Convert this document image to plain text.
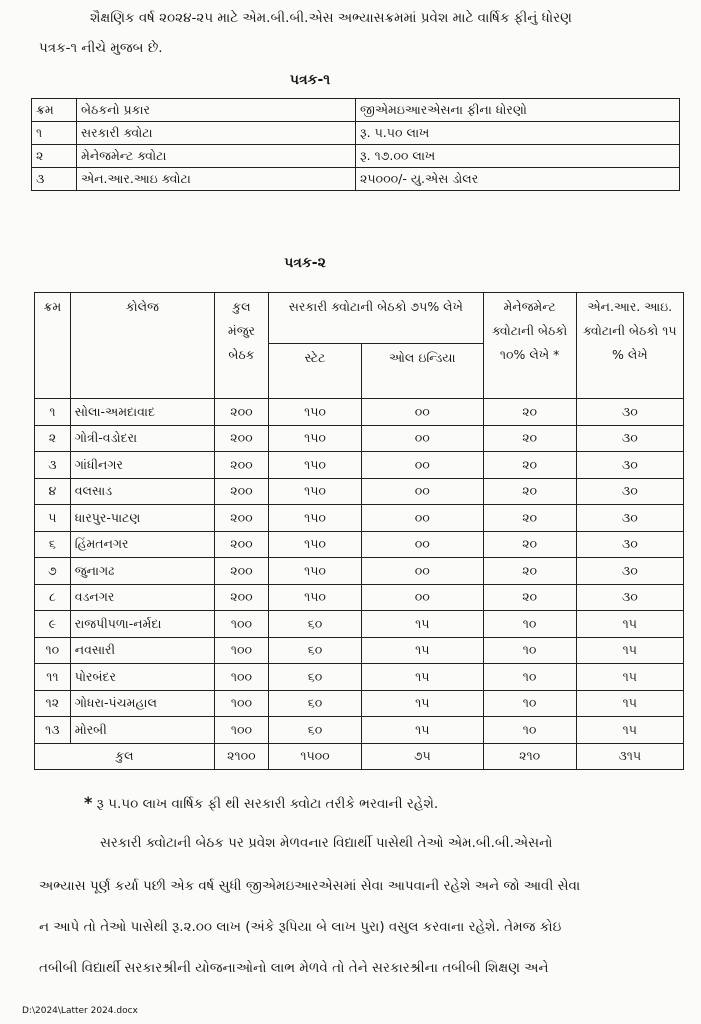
શૈક્ષણિક વર્ષ ૨૦૨૪-૨૫ માટે એમ.બી.બી.એસ અભ્યાસક્રમમાં પ્રવેશ માટે વાર્ષિક ફીનું ધોરણ
પત્રક-૧ નીચે મુજબ છે.
પત્રક-૧
ક્રમ	બેઠકનો પ્રકાર	જીએમઇઆરએસના ફીના ધોરણો
૧	સરકારી ક્વોટા	રૂ. ૫.૫૦ લાખ
૨	મેનેજમેન્ટ ક્વોટા	રૂ. ૧૭.૦૦ લાખ
૩	એન.આર.આઇ ક્વોટા	૨૫૦૦૦/- યુ.એસ ડોલર
પત્રક-૨
ક્રમ	કોલેજ	કુલ મંજુર બેઠક	સરકારી ક્વોટાની બેઠકો ૭૫% લેખે		મેનેજમેન્ટ ક્વોટાની બેઠકો ૧૦% લેખે *	એન.આર. આઇ. ક્વોટાની બેઠકો ૧૫ % લેખે
			સ્ટેટ	ઓલ ઇન્ડિયા		
૧	સોલા-અમદાવાદ	૨૦૦	૧૫૦	૦૦	૨૦	૩૦
૨	ગોત્રી-વડોદરા	૨૦૦	૧૫૦	૦૦	૨૦	૩૦
૩	ગાંધીનગર	૨૦૦	૧૫૦	૦૦	૨૦	૩૦
૪	વલસાડ	૨૦૦	૧૫૦	૦૦	૨૦	૩૦
૫	ધારપુર-પાટણ	૨૦૦	૧૫૦	૦૦	૨૦	૩૦
૬	હિંમતનગર	૨૦૦	૧૫૦	૦૦	૨૦	૩૦
૭	જુનાગઢ	૨૦૦	૧૫૦	૦૦	૨૦	૩૦
૮	વડનગર	૨૦૦	૧૫૦	૦૦	૨૦	૩૦
૯	રાજપીપળા-નર્મદા	૧૦૦	૬૦	૧૫	૧૦	૧૫
૧૦	નવસારી	૧૦૦	૬૦	૧૫	૧૦	૧૫
૧૧	પોરબંદર	૧૦૦	૬૦	૧૫	૧૦	૧૫
૧૨	ગોધરા-પંચમહાલ	૧૦૦	૬૦	૧૫	૧૦	૧૫
૧૩	મોરબી	૧૦૦	૬૦	૧૫	૧૦	૧૫
કુલ		૨૧૦૦	૧૫૦૦	૭૫	૨૧૦	૩૧૫
* રૂ ૫.૫૦ લાખ વાર્ષિક ફી થી સરકારી ક્વોટા તરીકે ભરવાની રહેશે.
સરકારી ક્વોટાની બેઠક પર પ્રવેશ મેળવનાર વિદ્યાર્થી પાસેથી તેઓ એમ.બી.બી.એસનો
અભ્યાસ પૂર્ણ કર્યા પછી એક વર્ષ સુધી જીએમઇઆરએસમાં સેવા આપવાની રહેશે અને જો આવી સેવા
ન આપે તો તેઓ પાસેથી રૂ.૨.૦૦ લાખ (અંકે રૂપિયા બે લાખ પુરા) વસુલ કરવાના રહેશે. તેમજ કોઇ
તબીબી વિદ્યાર્થી સરકારશ્રીની યોજનાઓનો લાભ મેળવે તો તેને સરકારશ્રીના તબીબી શિક્ષણ અને
D:\2024\Latter 2024.docx
